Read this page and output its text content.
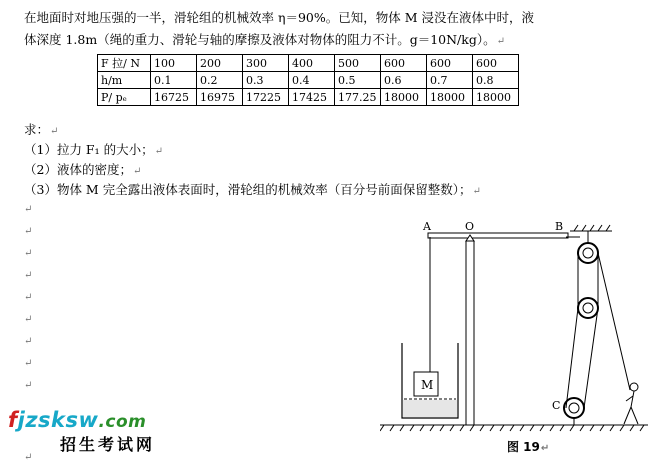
在地面时对地压强的一半，滑轮组的机械效率 η＝90%。已知，物体 M 浸没在液体中时，液
体深度 1.8m（绳的重力、滑轮与轴的摩擦及液体对物体的阻力不计。g＝10N/kg）。↵
F 拉/ N	100	200	300	400	500	600	600	600
h/m	0.1	0.2	0.3	0.4	0.5	0.6	0.7	0.8
P/ pₑ	16725	16975	17225	17425	177.25	18000	18000	18000
求：↵
（1）拉力 F₁ 的大小；↵
（2）液体的密度；↵
（3）物体 M 完全露出液体表面时，滑轮组的机械效率（百分号前面保留整数）；↵
↵
↵
↵
↵
↵
↵
↵
↵
↵
↵
fjzsksw.com
招生考试网
A	O	B
C
M
图 19↵
